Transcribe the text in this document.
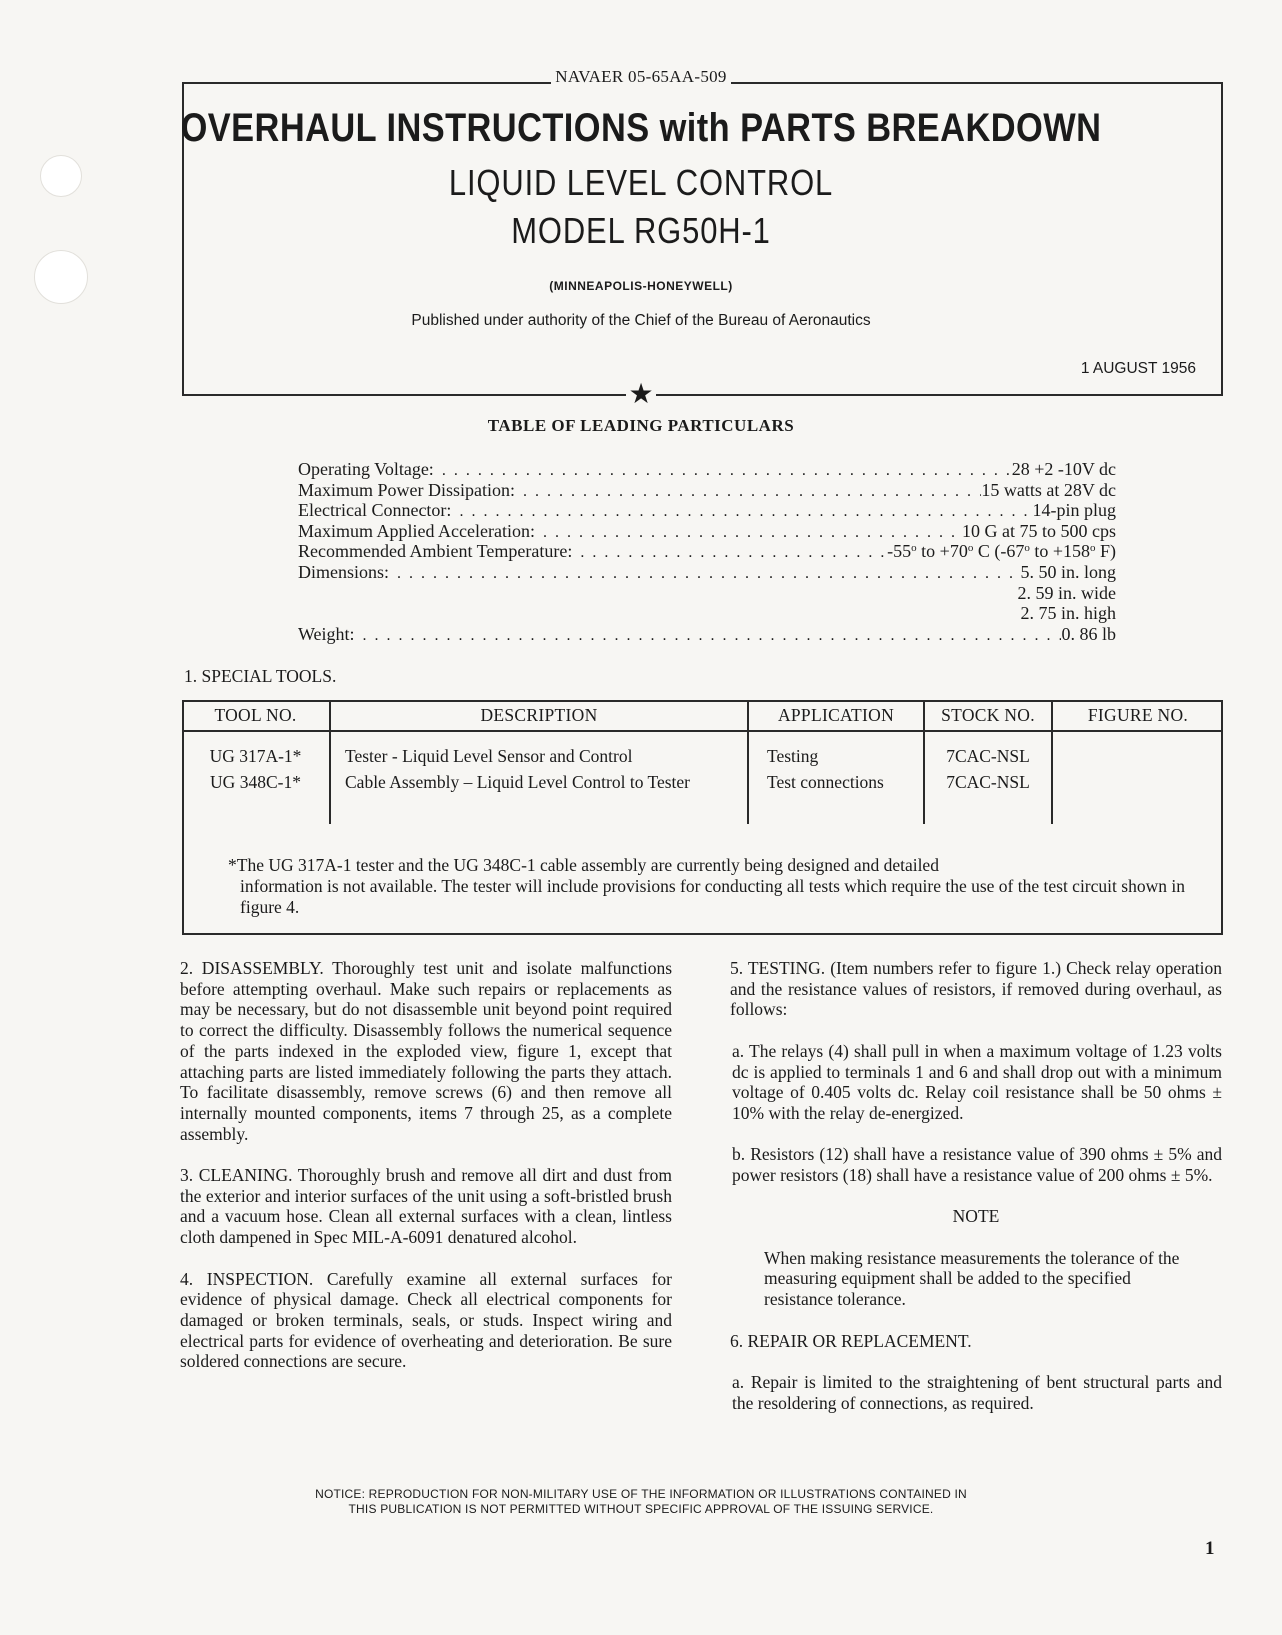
NAVAER 05-65AA-509
OVERHAUL INSTRUCTIONS with PARTS BREAKDOWN
LIQUID LEVEL CONTROL
MODEL RG50H-1
(MINNEAPOLIS-HONEYWELL)
Published under authority of the Chief of the Bureau of Aeronautics
1 AUGUST 1956
★
TABLE OF LEADING PARTICULARS
Operating Voltage: . . .	28 +2 -10V dc
Maximum Power Dissipation: . . .	15 watts at 28V dc
Electrical Connector: . . .	14-pin plug
Maximum Applied Acceleration: . . .	10 G at 75 to 500 cps
Recommended Ambient Temperature: . . .	-55$^o$ to $+70^o$ C (-67$^o$ to $+158^o$ F)
Dimensions: . . .	5. 50 in. long
2. 59 in. wide
2. 75 in. high
Weight: . . .	0. 86 lb
1. SPECIAL TOOLS.
TOOL NO.	DESCRIPTION	APPLICATION	STOCK NO.	FIGURE NO.
UG 317A-1*	Tester - Liquid Level Sensor and Control	Testing	7CAC-NSL	
UG 348C-1*	Cable Assembly – Liquid Level Control to Tester	Test connections	7CAC-NSL	
*The UG 317A-1 tester and the UG 348C-1 cable assembly are currently being designed and detailed
information is not available. The tester will include provisions for conducting all tests which require the use of the test circuit shown in figure 4.

2. DISASSEMBLY. Thoroughly test unit and isolate malfunctions before attempting overhaul. Make such repairs or replacements as may be necessary, but do not disassemble unit beyond point required to correct the difficulty. Disassembly follows the numerical sequence of the parts indexed in the exploded view, figure 1, except that attaching parts are listed immediately following the parts they attach. To facilitate disassembly, remove screws (6) and then remove all internally mounted components, items 7 through 25, as a complete assembly.

3. CLEANING. Thoroughly brush and remove all dirt and dust from the exterior and interior surfaces of the unit using a soft-bristled brush and a vacuum hose. Clean all external surfaces with a clean, lintless cloth dampened in Spec MIL-A-6091 denatured alcohol.

4. INSPECTION. Carefully examine all external surfaces for evidence of physical damage. Check all electrical components for damaged or broken terminals, seals, or studs. Inspect wiring and electrical parts for evidence of overheating and deterioration. Be sure soldered connections are secure.

5. TESTING. (Item numbers refer to figure 1.) Check relay operation and the resistance values of resistors, if removed during overhaul, as follows:

a. The relays (4) shall pull in when a maximum voltage of 1.23 volts dc is applied to terminals 1 and 6 and shall drop out with a minimum voltage of 0.405 volts dc. Relay coil resistance shall be 50 ohms ± 10% with the relay de-energized.

b. Resistors (12) shall have a resistance value of 390 ohms ± 5% and power resistors (18) shall have a resistance value of 200 ohms ± 5%.

NOTE

When making resistance measurements the tolerance of the measuring equipment shall be added to the specified resistance tolerance.

6. REPAIR OR REPLACEMENT.

a. Repair is limited to the straightening of bent structural parts and the resoldering of connections, as required.

NOTICE: REPRODUCTION FOR NON-MILITARY USE OF THE INFORMATION OR ILLUSTRATIONS CONTAINED IN
THIS PUBLICATION IS NOT PERMITTED WITHOUT SPECIFIC APPROVAL OF THE ISSUING SERVICE.
1
